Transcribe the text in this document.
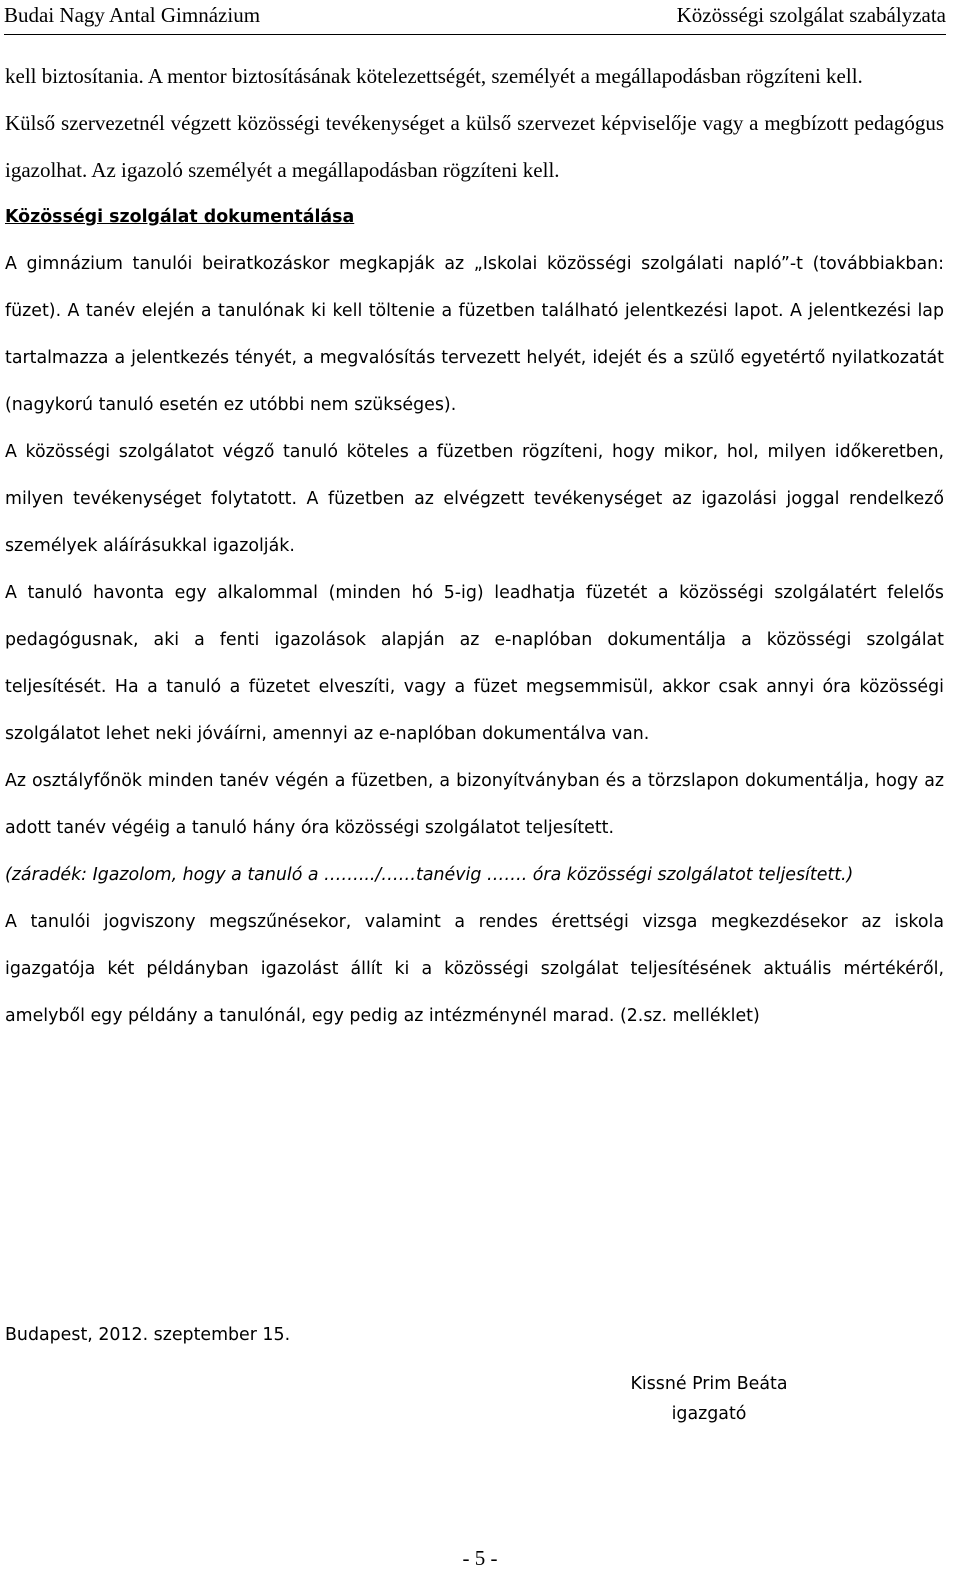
Budai Nagy Antal Gimnázium	Közösségi szolgálat szabályzata

kell biztosítania. A mentor biztosításának kötelezettségét, személyét a megállapodásban rögzíteni kell.

Külső szervezetnél végzett közösségi tevékenységet a külső szervezet képviselője vagy a megbízott pedagógus igazolhat. Az igazoló személyét a megállapodásban rögzíteni kell.

Közösségi szolgálat dokumentálása

A gimnázium tanulói beiratkozáskor megkapják az „Iskolai közösségi szolgálati napló”-t (továbbiakban: füzet). A tanév elején a tanulónak ki kell töltenie a füzetben található jelentkezési lapot. A jelentkezési lap tartalmazza a jelentkezés tényét, a megvalósítás tervezett helyét, idejét és a szülő egyetértő nyilatkozatát (nagykorú tanuló esetén ez utóbbi nem szükséges).

A közösségi szolgálatot végző tanuló köteles a füzetben rögzíteni, hogy mikor, hol, milyen időkeretben, milyen tevékenységet folytatott. A füzetben az elvégzett tevékenységet az igazolási joggal rendelkező személyek aláírásukkal igazolják.

A tanuló havonta egy alkalommal (minden hó 5-ig) leadhatja füzetét a közösségi szolgálatért felelős pedagógusnak, aki a fenti igazolások alapján az e-naplóban dokumentálja a közösségi szolgálat teljesítését. Ha a tanuló a füzetet elveszíti, vagy a füzet megsemmisül, akkor csak annyi óra közösségi szolgálatot lehet neki jóváírni, amennyi az e-naplóban dokumentálva van.

Az osztályfőnök minden tanév végén a füzetben, a bizonyítványban és a törzslapon dokumentálja, hogy az adott tanév végéig a tanuló hány óra közösségi szolgálatot teljesített.

(záradék: Igazolom, hogy a tanuló a …….../……tanévig ……. óra közösségi szolgálatot teljesített.)

A tanulói jogviszony megszűnésekor, valamint a rendes érettségi vizsga megkezdésekor az iskola igazgatója két példányban igazolást állít ki a közösségi szolgálat teljesítésének aktuális mértékéről, amelyből egy példány a tanulónál, egy pedig az intézménynél marad. (2.sz. melléklet)

Budapest, 2012. szeptember 15.
Kissné Prim Beáta
igazgató
- 5 -
